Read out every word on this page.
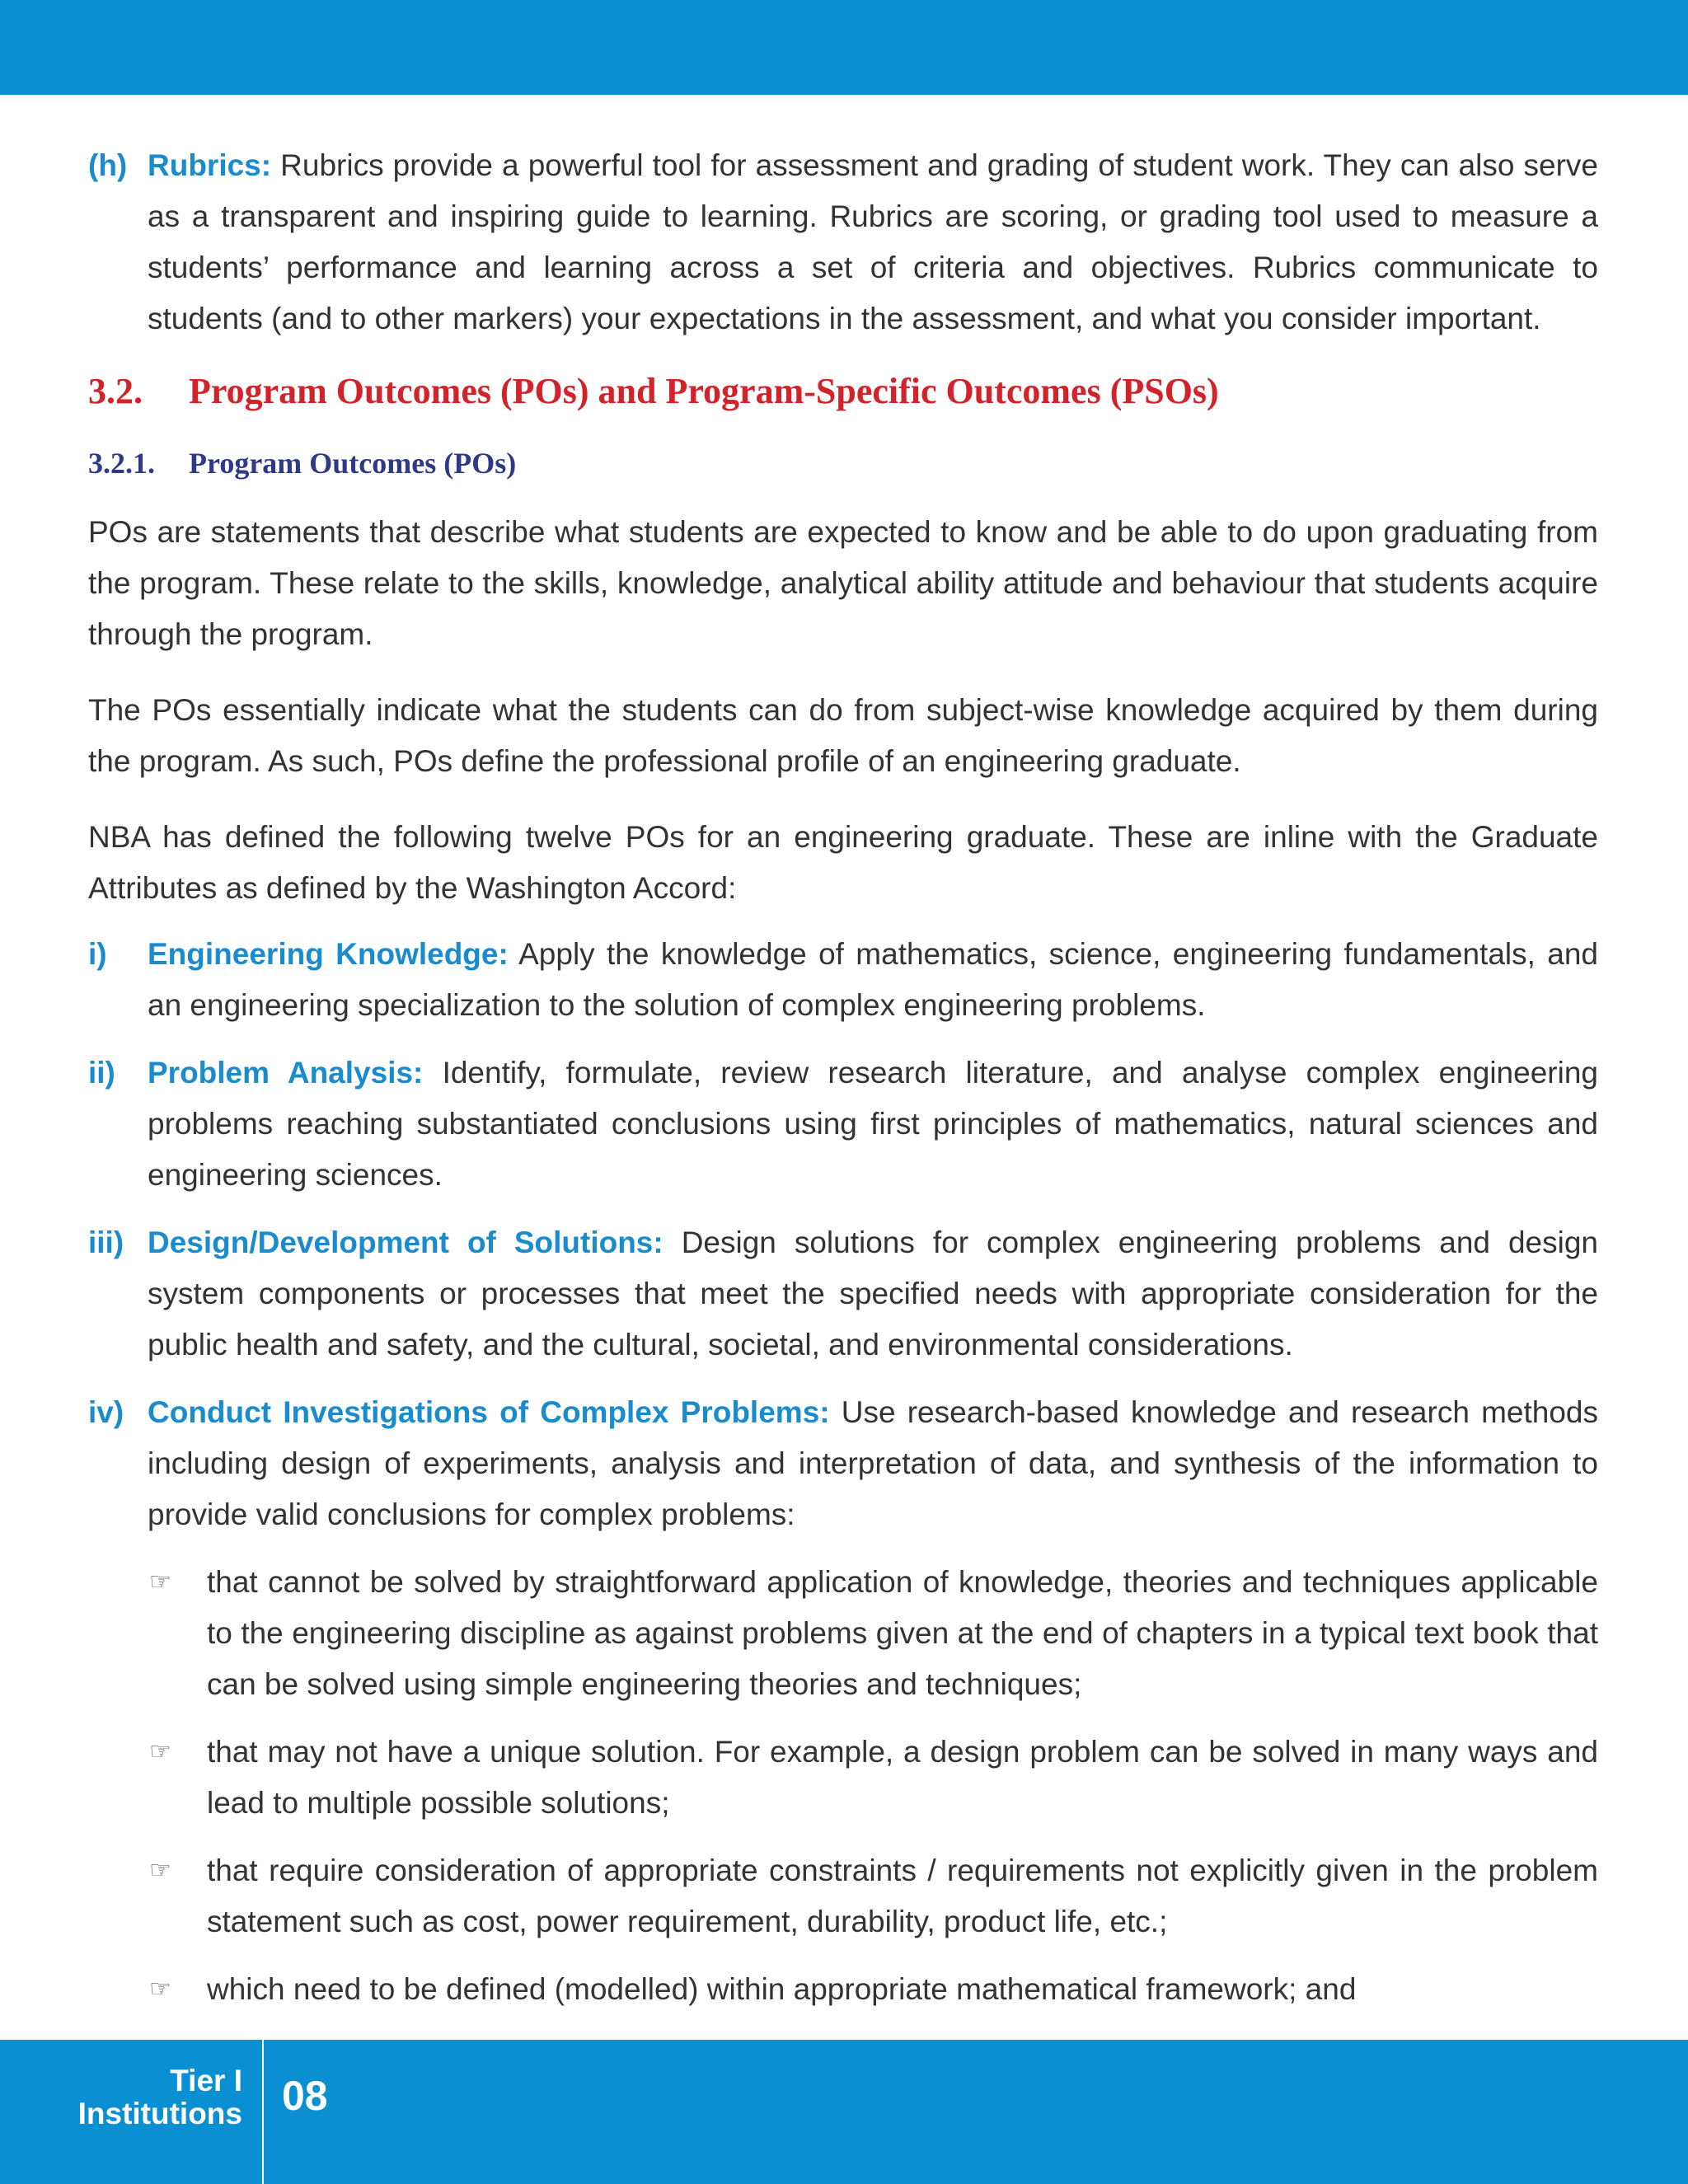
(h) Rubrics: Rubrics provide a powerful tool for assessment and grading of student work. They can also serve as a transparent and inspiring guide to learning. Rubrics are scoring, or grading tool used to measure a students’ performance and learning across a set of criteria and objectives. Rubrics communicate to students (and to other markers) your expectations in the assessment, and what you consider important.

3.2. Program Outcomes (POs) and Program-Specific Outcomes (PSOs)
3.2.1. Program Outcomes (POs)

POs are statements that describe what students are expected to know and be able to do upon graduating from the program. These relate to the skills, knowledge, analytical ability attitude and behaviour that students acquire through the program.

The POs essentially indicate what the students can do from subject-wise knowledge acquired by them during the program. As such, POs define the professional profile of an engineering graduate.

NBA has defined the following twelve POs for an engineering graduate. These are inline with the Graduate Attributes as defined by the Washington Accord:

i) Engineering Knowledge: Apply the knowledge of mathematics, science, engineering fundamentals, and an engineering specialization to the solution of complex engineering problems.

ii) Problem Analysis: Identify, formulate, review research literature, and analyse complex engineering problems reaching substantiated conclusions using first principles of mathematics, natural sciences and engineering sciences.

iii) Design/Development of Solutions: Design solutions for complex engineering problems and design system components or processes that meet the specified needs with appropriate consideration for the public health and safety, and the cultural, societal, and environmental considerations.

iv) Conduct Investigations of Complex Problems: Use research-based knowledge and research methods including design of experiments, analysis and interpretation of data, and synthesis of the information to provide valid conclusions for complex problems:

☞ that cannot be solved by straightforward application of knowledge, theories and techniques applicable to the engineering discipline as against problems given at the end of chapters in a typical text book that can be solved using simple engineering theories and techniques;

☞ that may not have a unique solution. For example, a design problem can be solved in many ways and lead to multiple possible solutions;

☞ that require consideration of appropriate constraints / requirements not explicitly given in the problem statement such as cost, power requirement, durability, product life, etc.;

☞ which need to be defined (modelled) within appropriate mathematical framework; and

Tier I
Institutions 08
